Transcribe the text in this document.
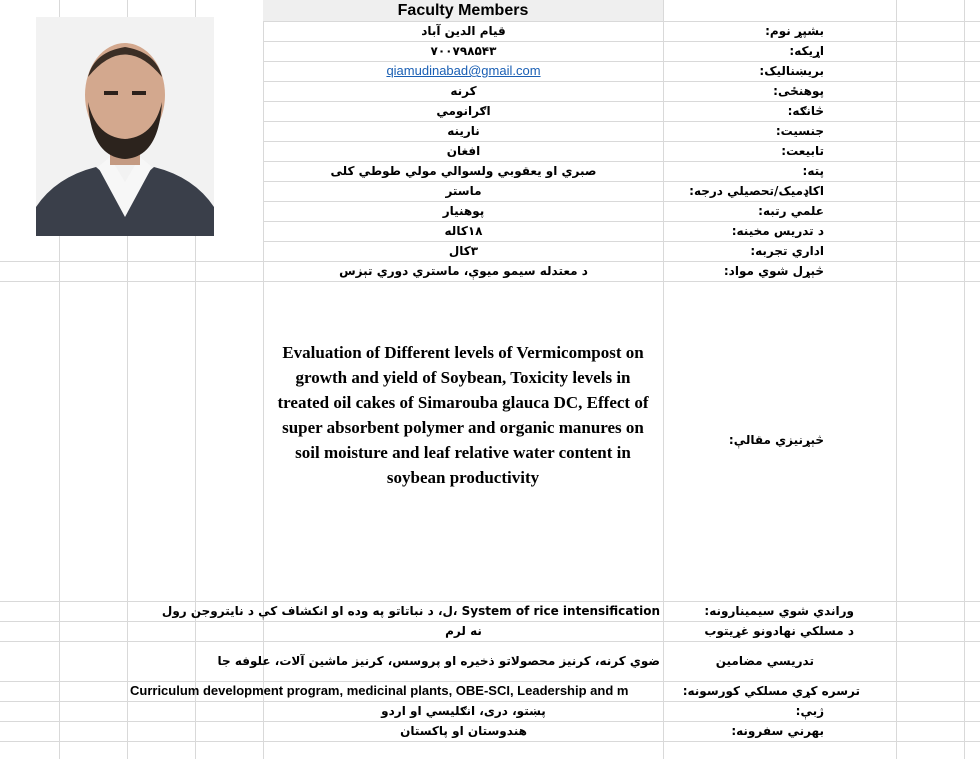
Faculty Members
بشپړ نوم:
اړیکه:
بریښنالیک:
پوهنځی:
څانګه:
جنسیت:
تابیعت:
پته:
اکاډمیک/تحصیلي درجه:
علمي رتبه:
د تدریس مخینه:
اداري تجربه:
څېړل شوي مواد:
څېړنیزي مقالې:
وراندي شوي سیمینارونه:
د مسلکي نهادونو غړیتوب
تدریسي مضامین
ترسره کړي مسلکي کورسونه:
ژبې:
بهرني سفرونه:
قیام الدین آباد
۷۰۰۷۹۸۵۴۳
qiamudinabad@gmail.com
کرنه
اګرانومي
نارینه
افغان
صبري او یعقوبي ولسوالي مولي طوطي کلی
ماستر
پوهنیار
۱۸کاله
۳کال
د معتدله سیمو میوې، ماستري دوري تېزس
Evaluation of Different levels of Vermicompost on growth and yield of Soybean, Toxicity levels in treated oil cakes of Simarouba glauca DC, Effect of super absorbent polymer and organic manures on soil moisture and leaf relative water content in soybean productivity
System of rice intensification ،ل، د نباتاتو په وده او انکشاف کې د نایتروجن رول
نه لرم
ضوي کرنه، کرنیز محصولاتو ذخیره او پروسس، کرنیز ماشین آلات، علوفه جا
Curriculum development program, medicinal plants, OBE-SCI, Leadership and m
پښتو، دری، انګلیسي او اردو
هندوستان او پاکستان
